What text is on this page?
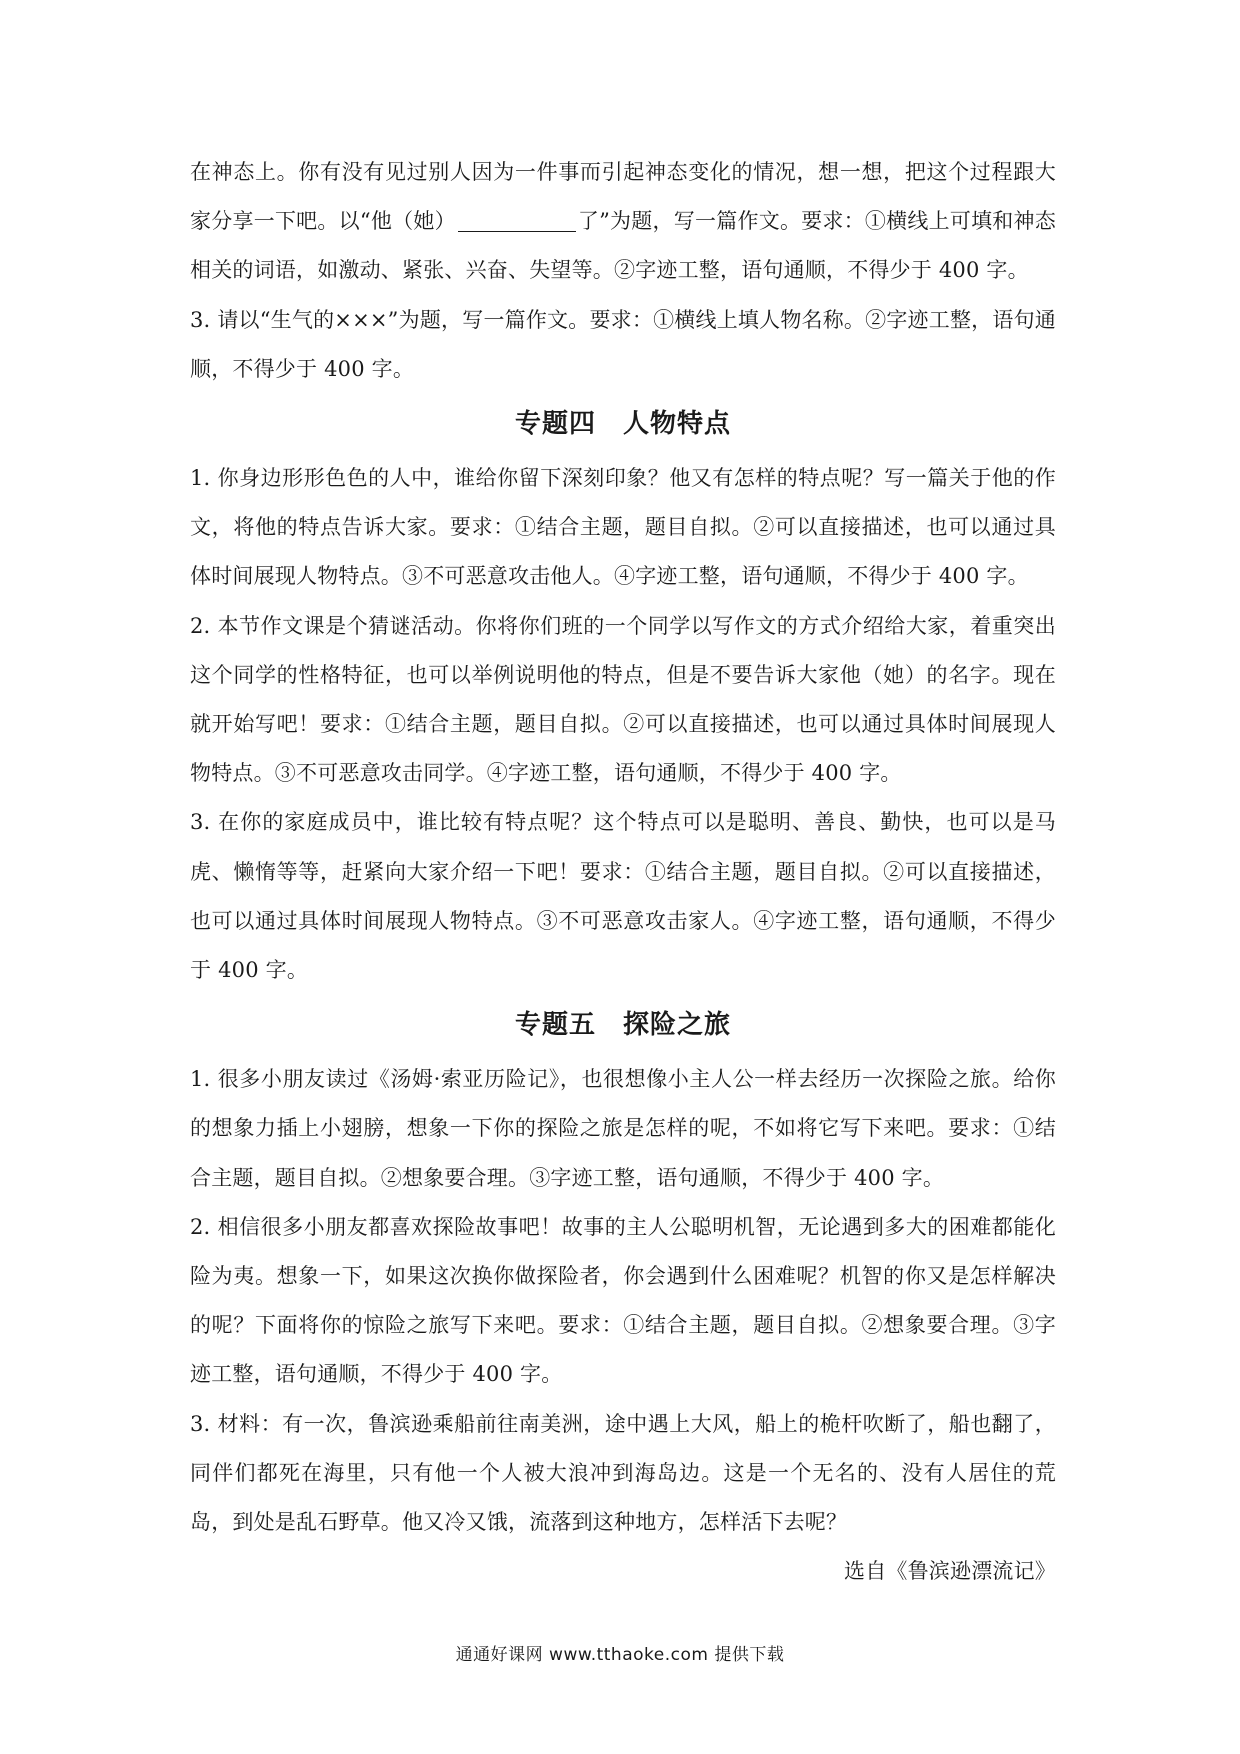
在神态上。你有没有见过别人因为一件事而引起神态变化的情况，想一想，把这个过程跟大家分享一下吧。以“他（她）	了”为题，写一篇作文。要求：①横线上可填和神态相关的词语，如激动、紧张、兴奋、失望等。②字迹工整，语句通顺，不得少于 400 字。

3. 请以“生气的×××”为题，写一篇作文。要求：①横线上填人物名称。②字迹工整，语句通顺，不得少于 400 字。

专题四　人物特点

1. 你身边形形色色的人中，谁给你留下深刻印象？他又有怎样的特点呢？写一篇关于他的作文，将他的特点告诉大家。要求：①结合主题，题目自拟。②可以直接描述，也可以通过具体时间展现人物特点。③不可恶意攻击他人。④字迹工整，语句通顺，不得少于 400 字。

2. 本节作文课是个猜谜活动。你将你们班的一个同学以写作文的方式介绍给大家，着重突出这个同学的性格特征，也可以举例说明他的特点，但是不要告诉大家他（她）的名字。现在就开始写吧！要求：①结合主题，题目自拟。②可以直接描述，也可以通过具体时间展现人物特点。③不可恶意攻击同学。④字迹工整，语句通顺，不得少于 400 字。

3. 在你的家庭成员中，谁比较有特点呢？这个特点可以是聪明、善良、勤快，也可以是马虎、懒惰等等，赶紧向大家介绍一下吧！要求：①结合主题，题目自拟。②可以直接描述，也可以通过具体时间展现人物特点。③不可恶意攻击家人。④字迹工整，语句通顺，不得少于 400 字。

专题五　探险之旅

1. 很多小朋友读过《汤姆·索亚历险记》，也很想像小主人公一样去经历一次探险之旅。给你的想象力插上小翅膀，想象一下你的探险之旅是怎样的呢，不如将它写下来吧。要求：①结合主题，题目自拟。②想象要合理。③字迹工整，语句通顺，不得少于 400 字。

2. 相信很多小朋友都喜欢探险故事吧！故事的主人公聪明机智，无论遇到多大的困难都能化险为夷。想象一下，如果这次换你做探险者，你会遇到什么困难呢？机智的你又是怎样解决的呢？下面将你的惊险之旅写下来吧。要求：①结合主题，题目自拟。②想象要合理。③字迹工整，语句通顺，不得少于 400 字。

3. 材料：有一次，鲁滨逊乘船前往南美洲，途中遇上大风，船上的桅杆吹断了，船也翻了，同伴们都死在海里，只有他一个人被大浪冲到海岛边。这是一个无名的、没有人居住的荒岛，到处是乱石野草。他又冷又饿，流落到这种地方，怎样活下去呢？
选自《鲁滨逊漂流记》

通通好课网 www.tthaoke.com 提供下载
